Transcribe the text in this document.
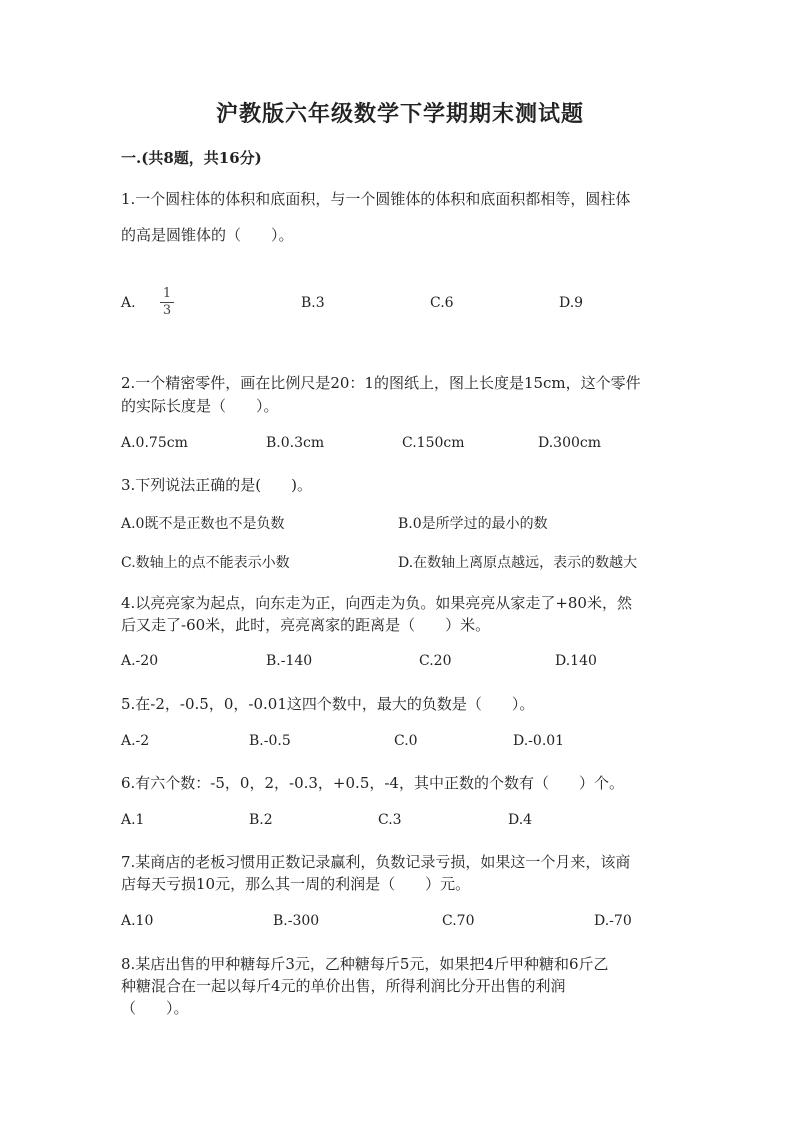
沪教版六年级数学下学期期末测试题
一.(共8题，共16分)
1.一个圆柱体的体积和底面积，与一个圆锥体的体积和底面积都相等，圆柱体
的高是圆锥体的（　　）。
A.
1
3	B.3	C.6	D.9
2.一个精密零件，画在比例尺是20：1的图纸上，图上长度是15cm，这个零件
的实际长度是（　　）。
A.0.75cm	B.0.3cm	C.150cm	D.300cm
3.下列说法正确的是(　　)。
A.0既不是正数也不是负数	B.0是所学过的最小的数
C.数轴上的点不能表示小数	D.在数轴上离原点越远，表示的数越大
4.以亮亮家为起点，向东走为正，向西走为负。如果亮亮从家走了+80米，然
后又走了-60米，此时，亮亮离家的距离是（　　）米。
A.-20	B.-140	C.20	D.140
5.在-2，-0.5，0，-0.01这四个数中，最大的负数是（　　）。
A.-2	B.-0.5	C.0	D.-0.01
6.有六个数：-5，0，2，-0.3，+0.5，-4，其中正数的个数有（　　）个。
A.1	B.2	C.3	D.4
7.某商店的老板习惯用正数记录赢利，负数记录亏损，如果这一个月来，该商
店每天亏损10元，那么其一周的利润是（　　）元。
A.10	B.-300	C.70	D.-70
8.某店出售的甲种糖每斤3元，乙种糖每斤5元，如果把4斤甲种糖和6斤乙
种糖混合在一起以每斤4元的单价出售，所得利润比分开出售的利润
（　　）。
